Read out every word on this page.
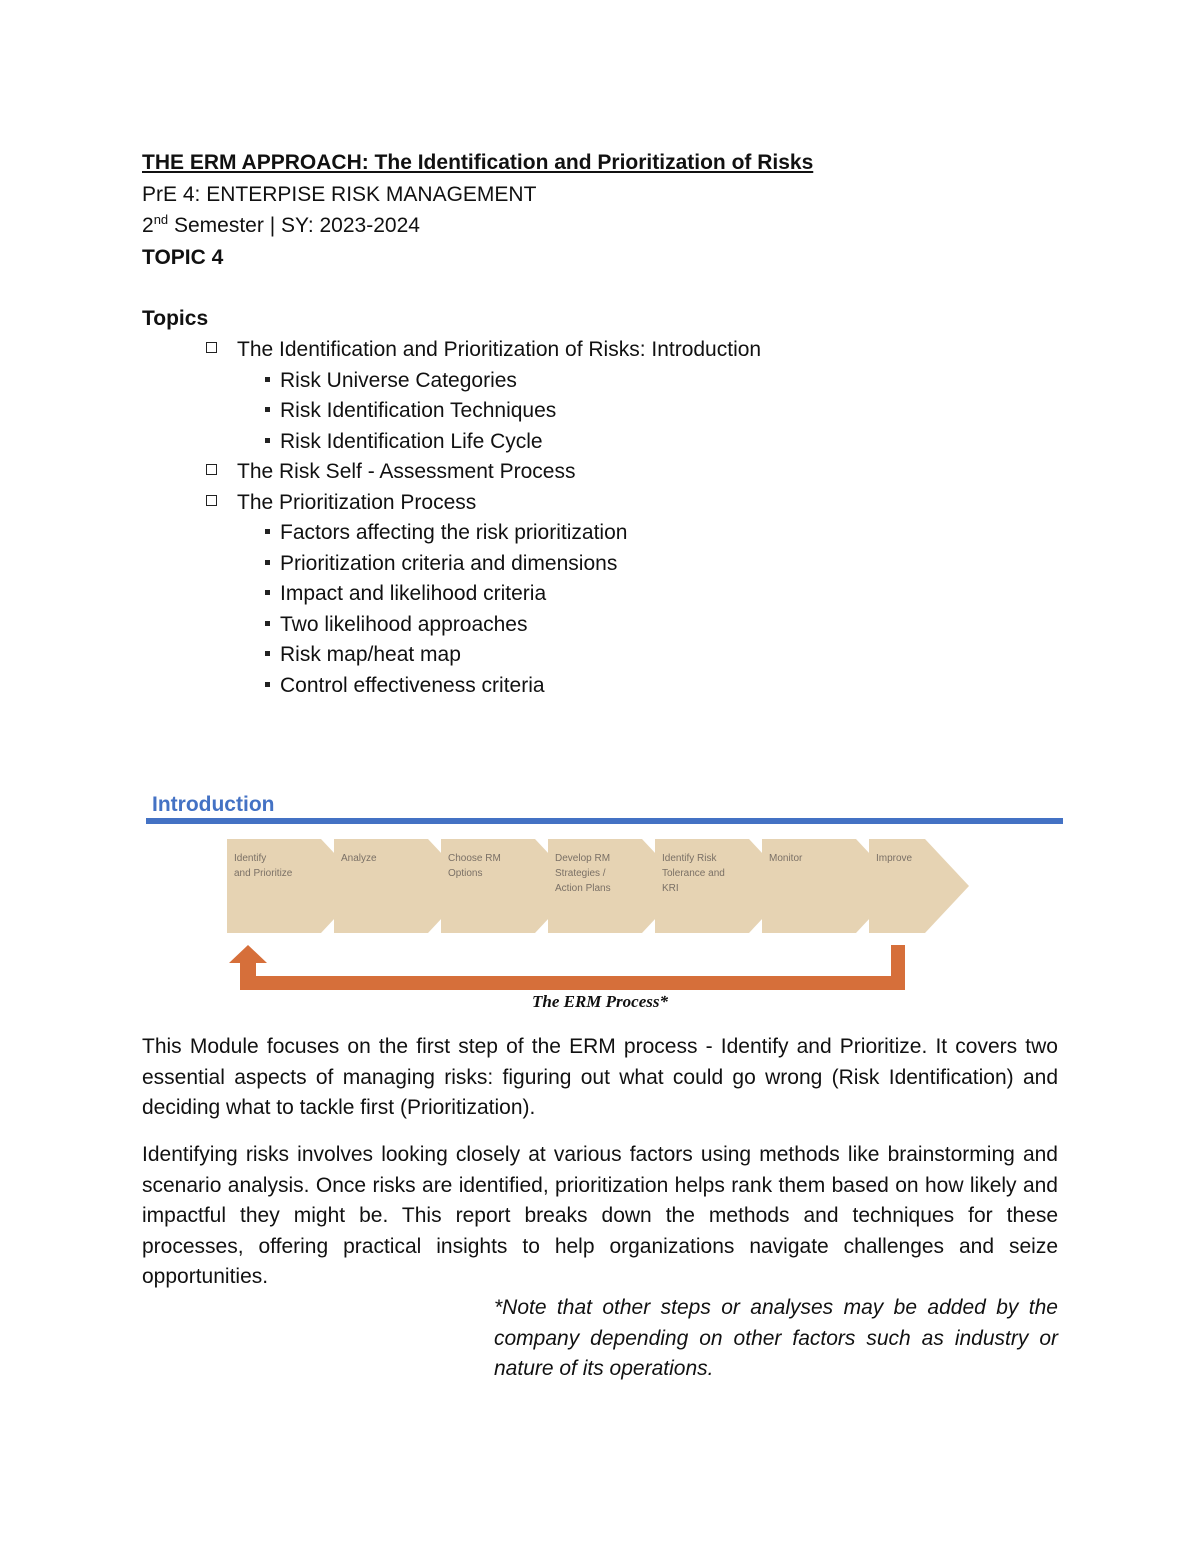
THE ERM APPROACH: The Identification and Prioritization of Risks
PrE 4: ENTERPISE RISK MANAGEMENT
2nd Semester | SY: 2023-2024
TOPIC 4
Topics
The Identification and Prioritization of Risks: Introduction
Risk Universe Categories
Risk Identification Techniques
Risk Identification Life Cycle
The Risk Self - Assessment Process
The Prioritization Process
Factors affecting the risk prioritization
Prioritization criteria and dimensions
Impact and likelihood criteria
Two likelihood approaches
Risk map/heat map
Control effectiveness criteria
Introduction
Identify
and Prioritize
Analyze	Choose RM
Options
Develop RM
Strategies /
Action Plans
Identify Risk
Tolerance and
KRI
Monitor	Improve
The ERM Process*

This Module focuses on the first step of the ERM process - Identify and Prioritize. It covers two essential aspects of managing risks: figuring out what could go wrong (Risk Identification) and deciding what to tackle first (Prioritization).

Identifying risks involves looking closely at various factors using methods like brainstorming and scenario analysis. Once risks are identified, prioritization helps rank them based on how likely and impactful they might be. This report breaks down the methods and techniques for these processes, offering practical insights to help organizations navigate challenges and seize opportunities.

*Note that other steps or analyses may be added by the company depending on other factors such as industry or nature of its operations.
